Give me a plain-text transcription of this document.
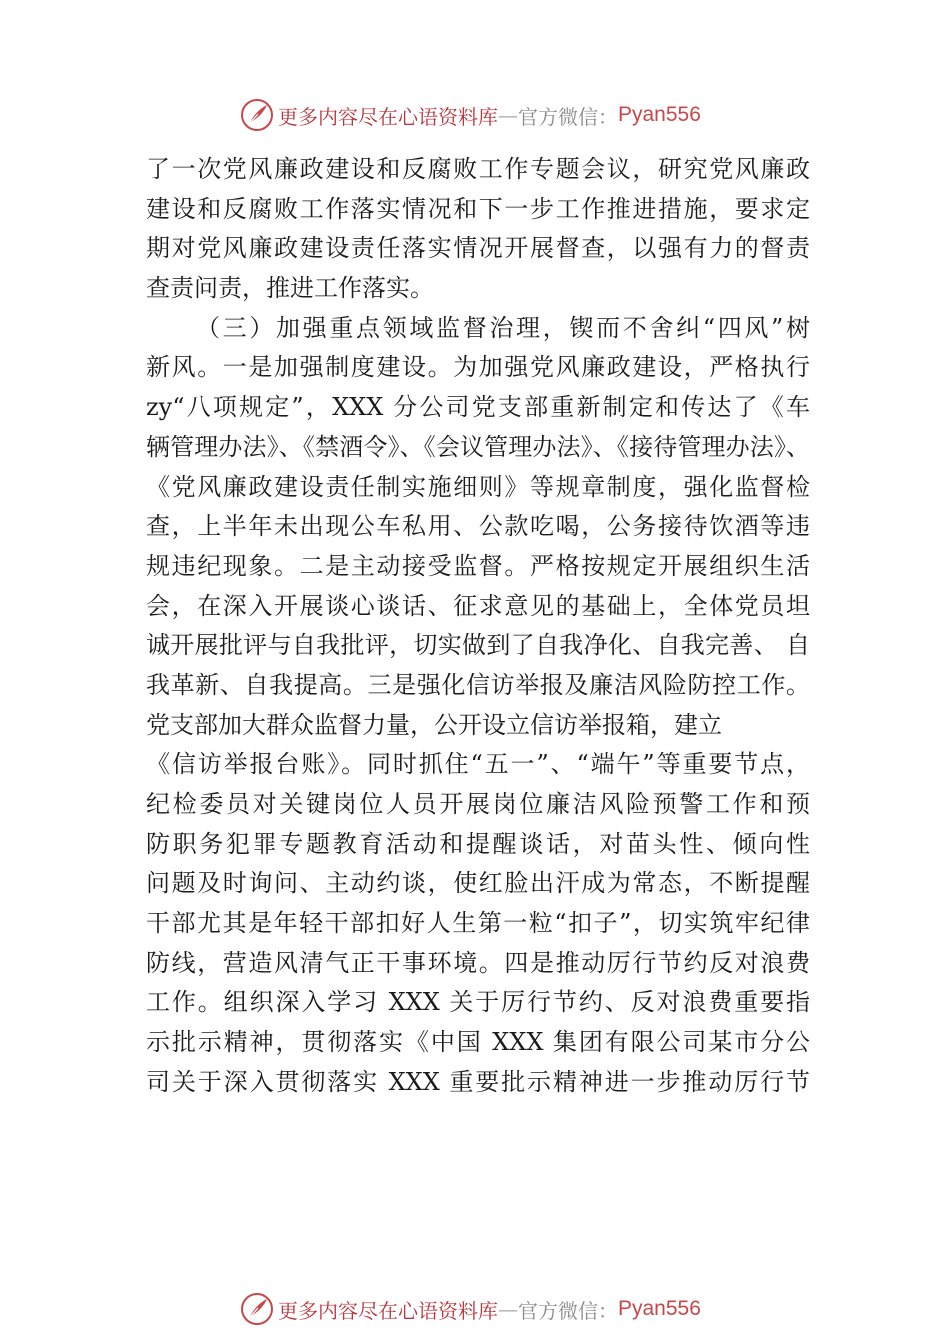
更多内容尽在心语资料库 — 官方微信： Pyan556
了一次党风廉政建设和反腐败工作专题会议，研究党风廉政
建设和反腐败工作落实情况和下一步工作推进措施，要求定
期对党风廉政建设责任落实情况开展督查，以强有力的督责
查责问责，推进工作落实。
（三）加强重点领域监督治理，锲而不舍纠“四风”树
新风。一是加强制度建设。为加强党风廉政建设，严格执行
zy“八项规定”，XXX 分公司党支部重新制定和传达了《车
辆管理办法》、《禁酒令》、《会议管理办法》、《接待管理办法》、
《党风廉政建设责任制实施细则》等规章制度，强化监督检
查，上半年未出现公车私用、公款吃喝，公务接待饮酒等违
规违纪现象。二是主动接受监督。严格按规定开展组织生活
会，在深入开展谈心谈话、征求意见的基础上，全体党员坦
诚开展批评与自我批评，切实做到了自我净化、自我完善、 自
我革新、自我提高。三是强化信访举报及廉洁风险防控工作。
党支部加大群众监督力量，公开设立信访举报箱，建立
《信访举报台账》。同时抓住“五一”、“端午”等重要节点，
纪检委员对关键岗位人员开展岗位廉洁风险预警工作和预
防职务犯罪专题教育活动和提醒谈话，对苗头性、倾向性
问题及时询问、主动约谈，使红脸出汗成为常态，不断提醒
干部尤其是年轻干部扣好人生第一粒“扣子”，切实筑牢纪律
防线，营造风清气正干事环境。四是推动厉行节约反对浪费
工作。组织深入学习 XXX 关于厉行节约、反对浪费重要指
示批示精神，贯彻落实《中国 XXX 集团有限公司某市分公
司关于深入贯彻落实 XXX 重要批示精神进一步推动厉行节
更多内容尽在心语资料库 — 官方微信： Pyan556
